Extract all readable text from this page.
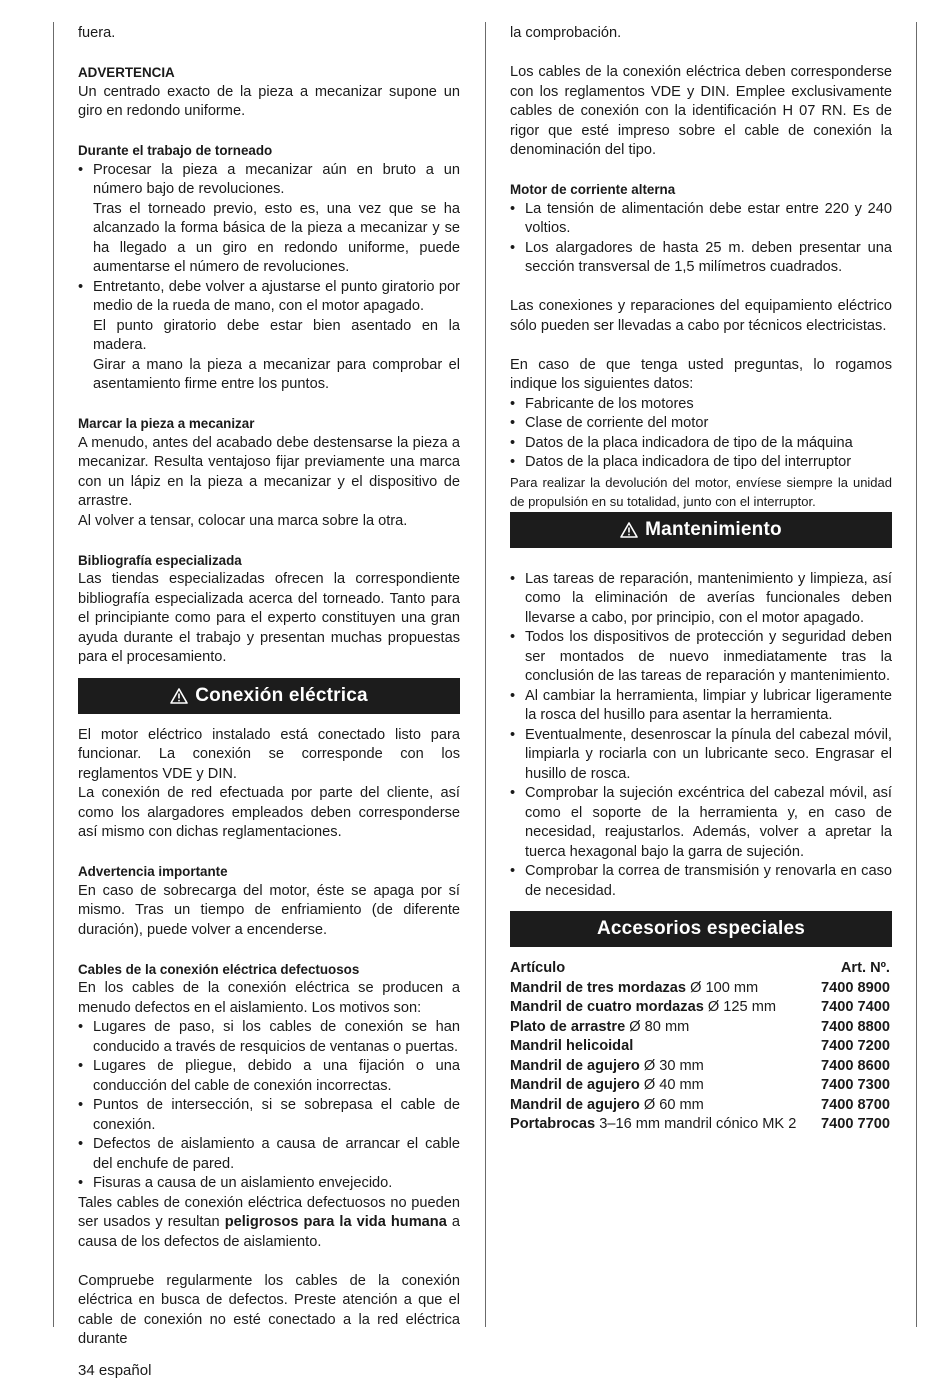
fuera.

ADVERTENCIA

Un centrado exacto de la pieza a mecanizar supone un giro en redondo uniforme.

Durante el trabajo de torneado

• Procesar la pieza a mecanizar aún en bruto a un número bajo de revoluciones.
Tras el torneado previo, esto es, una vez que se ha alcanzado la forma básica de la pieza a mecanizar y se ha llegado a un giro en redondo uniforme, puede aumentarse el número de revoluciones.
• Entretanto, debe volver a ajustarse el punto giratorio por medio de la rueda de mano, con el motor apagado.
El punto giratorio debe estar bien asentado en la madera.
Girar a mano la pieza a mecanizar para comprobar el asentamiento firme entre los puntos.

Marcar la pieza a mecanizar

A menudo, antes del acabado debe destensarse la pieza a mecanizar. Resulta ventajoso fijar previamente una marca con un lápiz en la pieza a mecanizar y el dispositivo de arrastre.

Al volver a tensar, colocar una marca sobre la otra.

Bibliografía especializada

Las tiendas especializadas ofrecen la correspondiente bibliografía especializada acerca del torneado. Tanto para el principiante como para el experto constituyen una gran ayuda durante el trabajo y presentan muchas propuestas para el procesamiento.

Conexión eléctrica

El motor eléctrico instalado está conectado listo para funcionar. La conexión se corresponde con los reglamentos VDE y DIN.

La conexión de red efectuada por parte del cliente, así como los alargadores empleados deben corresponderse así mismo con dichas reglamentaciones.

Advertencia importante

En caso de sobrecarga del motor, éste se apaga por sí mismo. Tras un tiempo de enfriamiento (de diferente duración), puede volver a encenderse.

Cables de la conexión eléctrica defectuosos

En los cables de la conexión eléctrica se producen a menudo defectos en el aislamiento. Los motivos son:

• Lugares de paso, si los cables de conexión se han conducido a través de resquicios de ventanas o puertas.
• Lugares de pliegue, debido a una fijación o una conducción del cable de conexión incorrectas.
• Puntos de intersección, si se sobrepasa el cable de conexión.
• Defectos de aislamiento a causa de arrancar el cable del enchufe de pared.
• Fisuras a causa de un aislamiento envejecido.

Tales cables de conexión eléctrica defectuosos no pueden ser usados y resultan peligrosos para la vida humana a causa de los defectos de aislamiento.

Compruebe regularmente los cables de la conexión eléctrica en busca de defectos. Preste atención a que el cable de conexión no esté conectado a la red eléctrica durante

la comprobación.

Los cables de la conexión eléctrica deben corresponderse con los reglamentos VDE y DIN. Emplee exclusivamente cables de conexión con la identificación H 07 RN. Es de rigor que esté impreso sobre el cable de conexión la denominación del tipo.

Motor de corriente alterna

• La tensión de alimentación debe estar entre 220 y 240 voltios.
• Los alargadores de hasta 25 m. deben presentar una sección transversal de 1,5 milímetros cuadrados.

Las conexiones y reparaciones del equipamiento eléctrico sólo pueden ser llevadas a cabo por técnicos electricistas.

En caso de que tenga usted preguntas, lo rogamos indique los siguientes datos:

• Fabricante de los motores
• Clase de corriente del motor
• Datos de la placa indicadora de tipo de la máquina
• Datos de la placa indicadora de tipo del interruptor

Para realizar la devolución del motor, envíese siempre la unidad de propulsión en su totalidad, junto con el interruptor.

Mantenimiento
• Las tareas de reparación, mantenimiento y limpieza, así como la eliminación de averías funcionales deben llevarse a cabo, por principio, con el motor apagado.
• Todos los dispositivos de protección y seguridad deben ser montados de nuevo inmediatamente tras la conclusión de las tareas de reparación y mantenimiento.
• Al cambiar la herramienta, limpiar y lubricar ligeramente la rosca del husillo para asentar la herramienta.
• Eventualmente, desenroscar la pínula del cabezal móvil, limpiarla y rociarla con un lubricante seco. Engrasar el husillo de rosca.
• Comprobar la sujeción excéntrica del cabezal móvil, así como el soporte de la herramienta y, en caso de necesidad, reajustarlos. Además, volver a apretar la tuerca hexagonal bajo la garra de sujeción.
• Comprobar la correa de transmisión y renovarla en caso de necesidad.
Accesorios especiales
Artículo	Art. Nº.
Mandril de tres mordazas Ø 100 mm	7400 8900
Mandril de cuatro mordazas Ø 125 mm	7400 7400
Plato de arrastre Ø 80 mm	7400 8800
Mandril helicoidal	7400 7200
Mandril de agujero Ø 30 mm	7400 8600
Mandril de agujero Ø 40 mm	7400 7300
Mandril de agujero Ø 60 mm	7400 8700
Portabrocas 3–16 mm mandril cónico MK 2	7400 7700
34 español
